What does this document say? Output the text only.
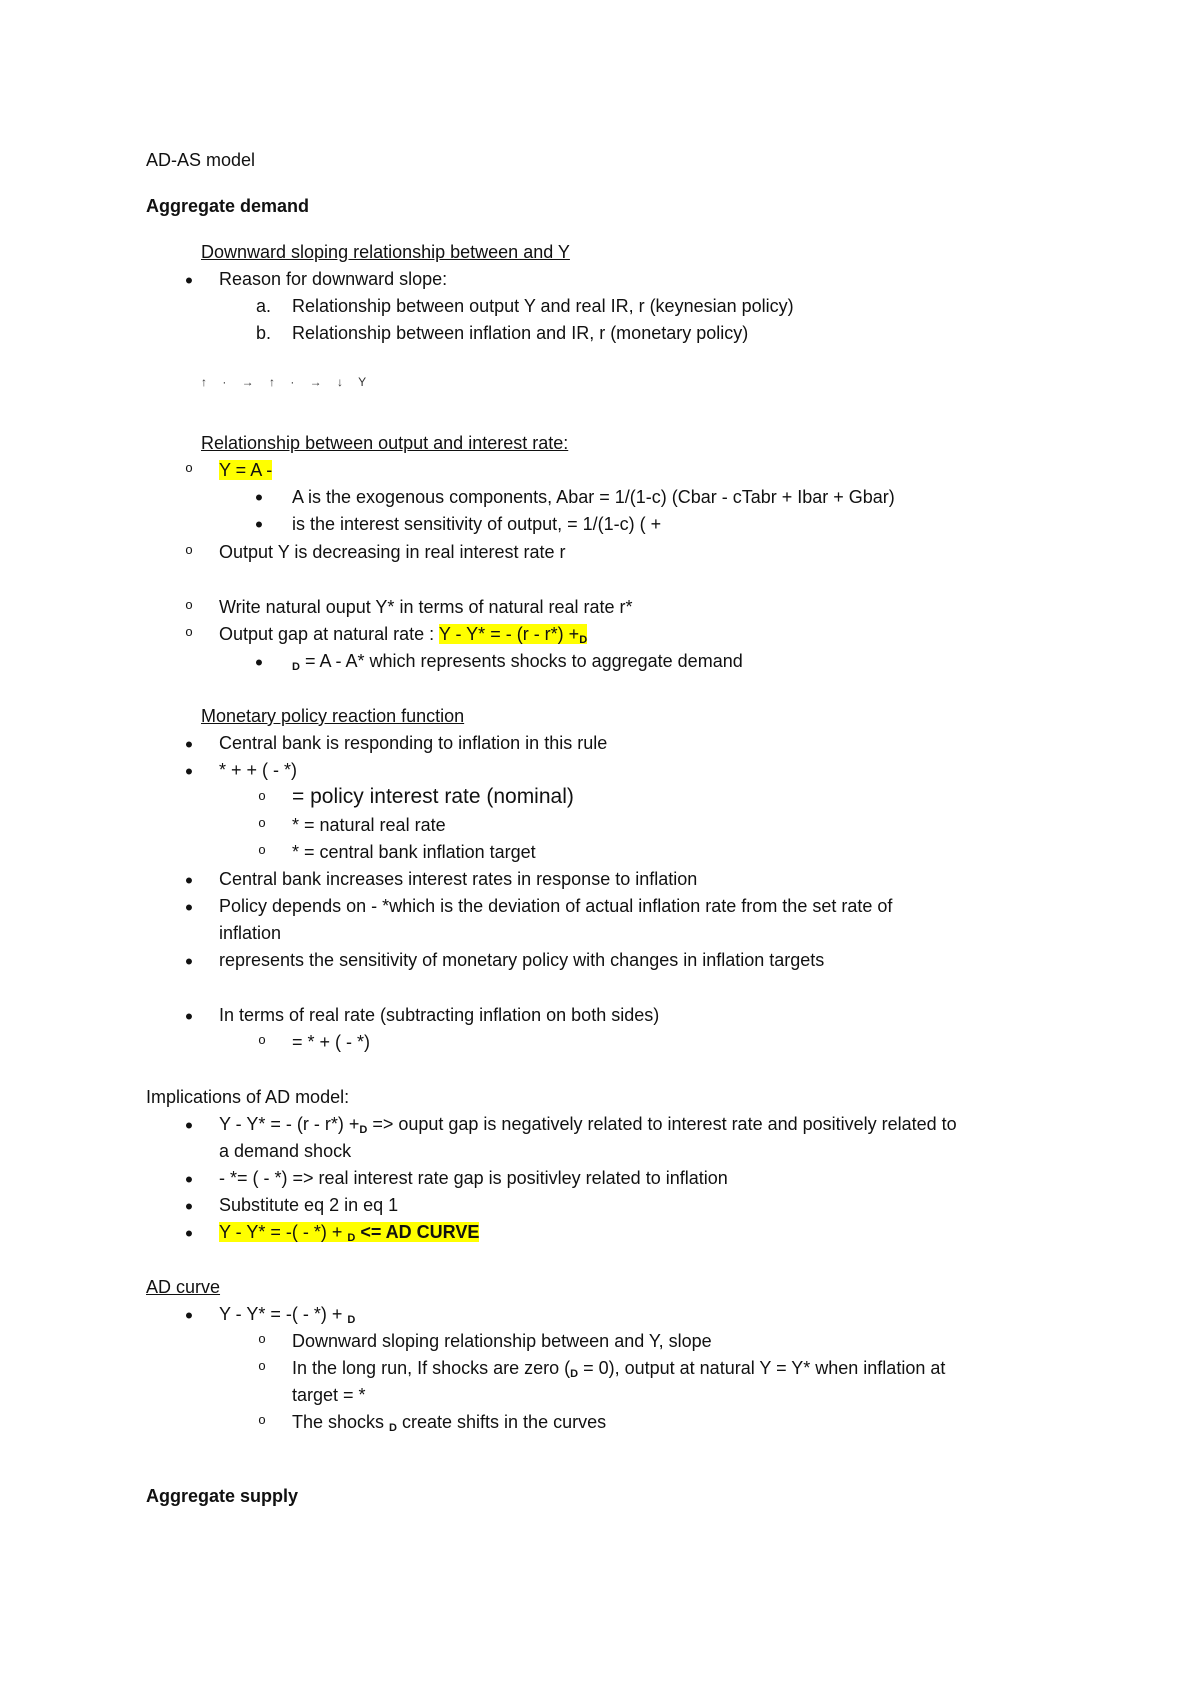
AD-AS model
Aggregate demand
Downward sloping relationship between and Y
•	Reason for downward slope:
a. Relationship between output Y and real IR, r (keynesian policy)
b. Relationship between inflation and IR, r (monetary policy)
↑ · → ↑ · → ↓ Y
Relationship between output and interest rate:
o	Y = A -
•	A is the exogenous components, Abar = 1/(1-c) (Cbar - cTabr + Ibar + Gbar)
•	is the interest sensitivity of output, = 1/(1-c) ( +
o	Output Y is decreasing in real interest rate r
o	Write natural ouput Y* in terms of natural real rate r*
o	Output gap at natural rate : Y - Y* = - $(r - r*) +_D$
•	$_D$ = A - A* which represents shocks to aggregate demand
Monetary policy reaction function
•	Central bank is responding to inflation in this rule
•	* + + ( - *)
o	= policy interest rate (nominal)
o	* = natural real rate
o	* = central bank inflation target
•	Central bank increases interest rates in response to inflation
•	Policy depends on - *which is the deviation of actual inflation rate from the set rate of
inflation
•	represents the sensitivity of monetary policy with changes in inflation targets
•	In terms of real rate (subtracting inflation on both sides)
o	= * + ( - *)
Implications of AD model:
•	Y - Y* = - $(r - r*) +_D$ => ouput gap is negatively related to interest rate and positively related to
a demand shock
•	- *= ( - *) => real interest rate gap is positivley related to inflation
•	Substitute eq 2 in eq 1
•	Y - Y* = -( - *) + $_D$ <= AD CURVE
AD curve
•	Y - Y* = -( - *) + $_D$
o	Downward sloping relationship between and Y, slope
o	In the long run, If shocks are zero $(_D = 0)$, output at natural Y = Y* when inflation at
target = *
o	The shocks $_D$ create shifts in the curves
Aggregate supply
